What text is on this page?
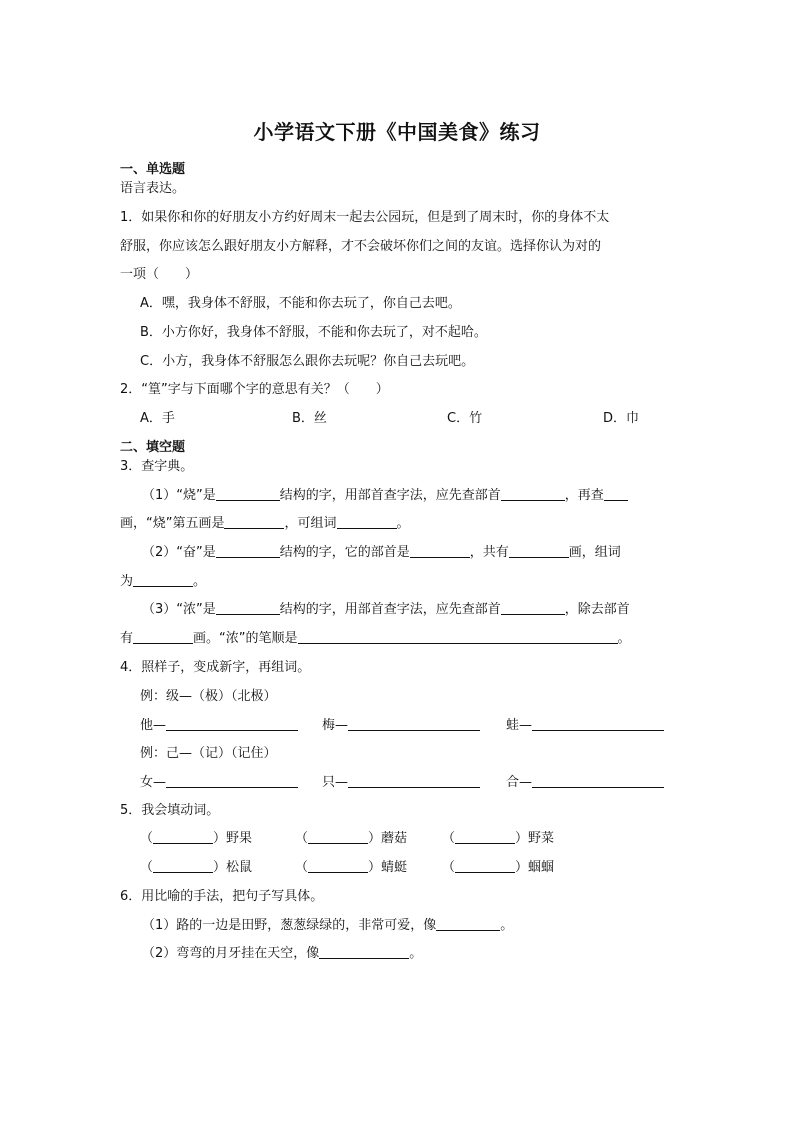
小学语文下册《中国美食》练习
一、单选题
语言表达。
1．如果你和你的好朋友小方约好周末一起去公园玩，但是到了周末时，你的身体不太
舒服，你应该怎么跟好朋友小方解释，才不会破坏你们之间的友谊。选择你认为对的
一项（　　）
A．嘿，我身体不舒服，不能和你去玩了，你自己去吧。
B．小方你好，我身体不舒服，不能和你去玩了，对不起哈。
C．小方，我身体不舒服怎么跟你去玩呢？你自己去玩吧。
2．“篁”字与下面哪个字的意思有关？（　　）
A．手	B．丝	C．竹	D．巾
二、填空题
3．查字典。
（1）“烧”是	结构的字，用部首查字法，应先查部首	，再查
画，“烧”第五画是	，可组词	。
（2）“奋”是	结构的字，它的部首是	，共有	画，组词
为	。
（3）“浓”是	结构的字，用部首查字法，应先查部首	，除去部首
有	画。“浓”的笔顺是	。
4．照样子，变成新字，再组词。
例：级—（极）（北极）
他—	梅—	蛙—
例：己—（记）（记住）
女—	只—	合—
5．我会填动词。
（	）野果	（	）蘑菇	（	）野菜
（	）松鼠	（	）蜻蜓	（	）蝈蝈
6．用比喻的手法，把句子写具体。
（1）路的一边是田野，葱葱绿绿的，非常可爱，像	。
（2）弯弯的月牙挂在天空，像	。
